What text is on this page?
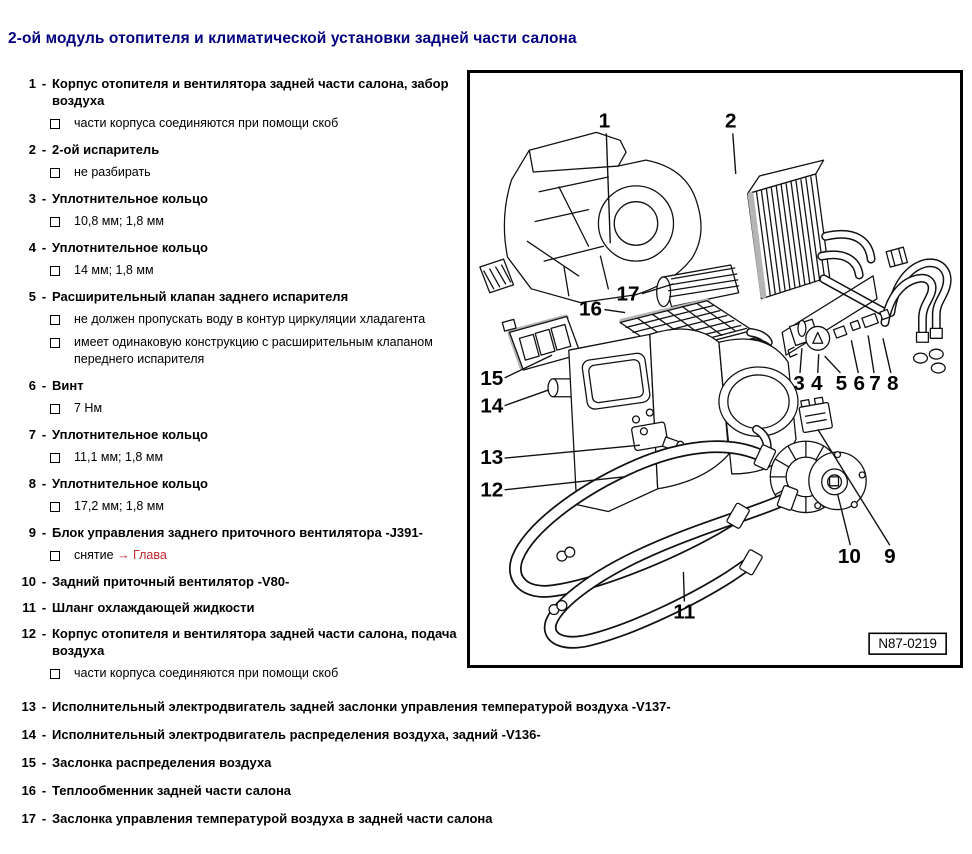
2-ой модуль отопителя и климатической установки задней части салона
1 - Корпус отопителя и вентилятора задней части салона, забор воздуха
части корпуса соединяются при помощи скоб
2 - 2-ой испаритель
не разбирать
3 - Уплотнительное кольцо
10,8 мм; 1,8 мм
4 - Уплотнительное кольцо
14 мм; 1,8 мм
5 - Расширительный клапан заднего испарителя
не должен пропускать воду в контур циркуляции хладагента
имеет одинаковую конструкцию с расширительным клапаном переднего испарителя
6 - Винт
7 Нм
7 - Уплотнительное кольцо
11,1 мм; 1,8 мм
8 - Уплотнительное кольцо
17,2 мм; 1,8 мм
9 - Блок управления заднего приточного вентилятора -J391-
снятие → Глава
10 - Задний приточный вентилятор -V80-
11 - Шланг охлаждающей жидкости
12 - Корпус отопителя и вентилятора задней части салона, подача воздуха
части корпуса соединяются при помощи скоб
1	2
17
16
15
14
13
12
3 4 5 6 7 8
10 9
11
N87-0219
13 - Исполнительный электродвигатель задней заслонки управления температурой воздуха -V137-
14 - Исполнительный электродвигатель распределения воздуха, задний -V136-
15 - Заслонка распределения воздуха
16 - Теплообменник задней части салона
17 - Заслонка управления температурой воздуха в задней части салона
